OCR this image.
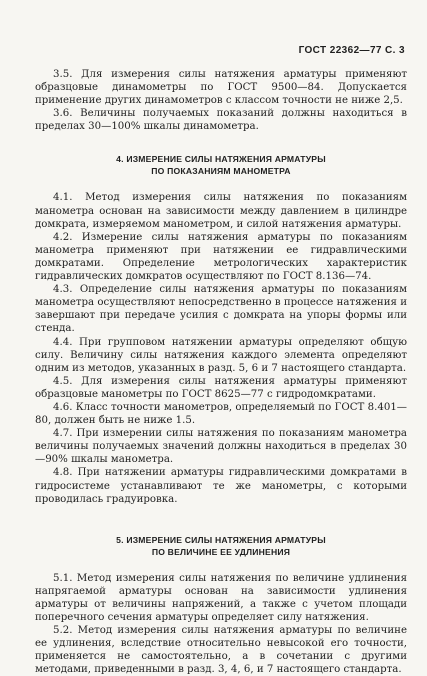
ГОСТ 22362—77 С. 3

3.5. Для измерения силы натяжения арматуры применяют образцовые динамометры по ГОСТ 9500—84. Допускается применение других динамометров с классом точности не ниже 2,5.

3.6. Величины получаемых показаний должны находиться в пределах 30—100% шкалы динамометра.

4. ИЗМЕРЕНИЕ СИЛЫ НАТЯЖЕНИЯ АРМАТУРЫ
ПО ПОКАЗАНИЯМ МАНОМЕТРА

4.1. Метод измерения силы натяжения по показаниям манометра основан на зависимости между давлением в цилиндре домкрата, измеряемом манометром, и силой натяжения арматуры.

4.2. Измерение силы натяжения арматуры по показаниям манометра применяют при натяжении ее гидравлическими домкратами. Определение метрологических характеристик гидравлических домкратов осуществляют по ГОСТ 8.136—74.

4.3. Определение силы натяжения арматуры по показаниям манометра осуществляют непосредственно в процессе натяжения и завершают при передаче усилия с домкрата на упоры формы или стенда.

4.4. При групповом натяжении арматуры определяют общую силу. Величину силы натяжения каждого элемента определяют одним из методов, указанных в разд. 5, 6 и 7 настоящего стандарта.

4.5. Для измерения силы натяжения арматуры применяют образцовые манометры по ГОСТ 8625—77 с гидродомкратами.

4.6. Класс точности манометров, определяемый по ГОСТ 8.401—80, должен быть не ниже 1.5.

4.7. При измерении силы натяжения по показаниям манометра величины получаемых значений должны находиться в пределах 30—90% шкалы манометра.

4.8. При натяжении арматуры гидравлическими домкратами в гидросистеме устанавливают те же манометры, с которыми проводилась градуировка.

5. ИЗМЕРЕНИЕ СИЛЫ НАТЯЖЕНИЯ АРМАТУРЫ
ПО ВЕЛИЧИНЕ ЕЕ УДЛИНЕНИЯ

5.1. Метод измерения силы натяжения по величине удлинения напрягаемой арматуры основан на зависимости удлинения арматуры от величины напряжений, а также с учетом площади поперечного сечения арматуры определяет силу натяжения.

5.2. Метод измерения силы натяжения арматуры по величине ее удлинения, вследствие относительно невысокой его точности, применяется не самостоятельно, а в сочетании с другими методами, приведенными в разд. 3, 4, 6, и 7 настоящего стандарта.
